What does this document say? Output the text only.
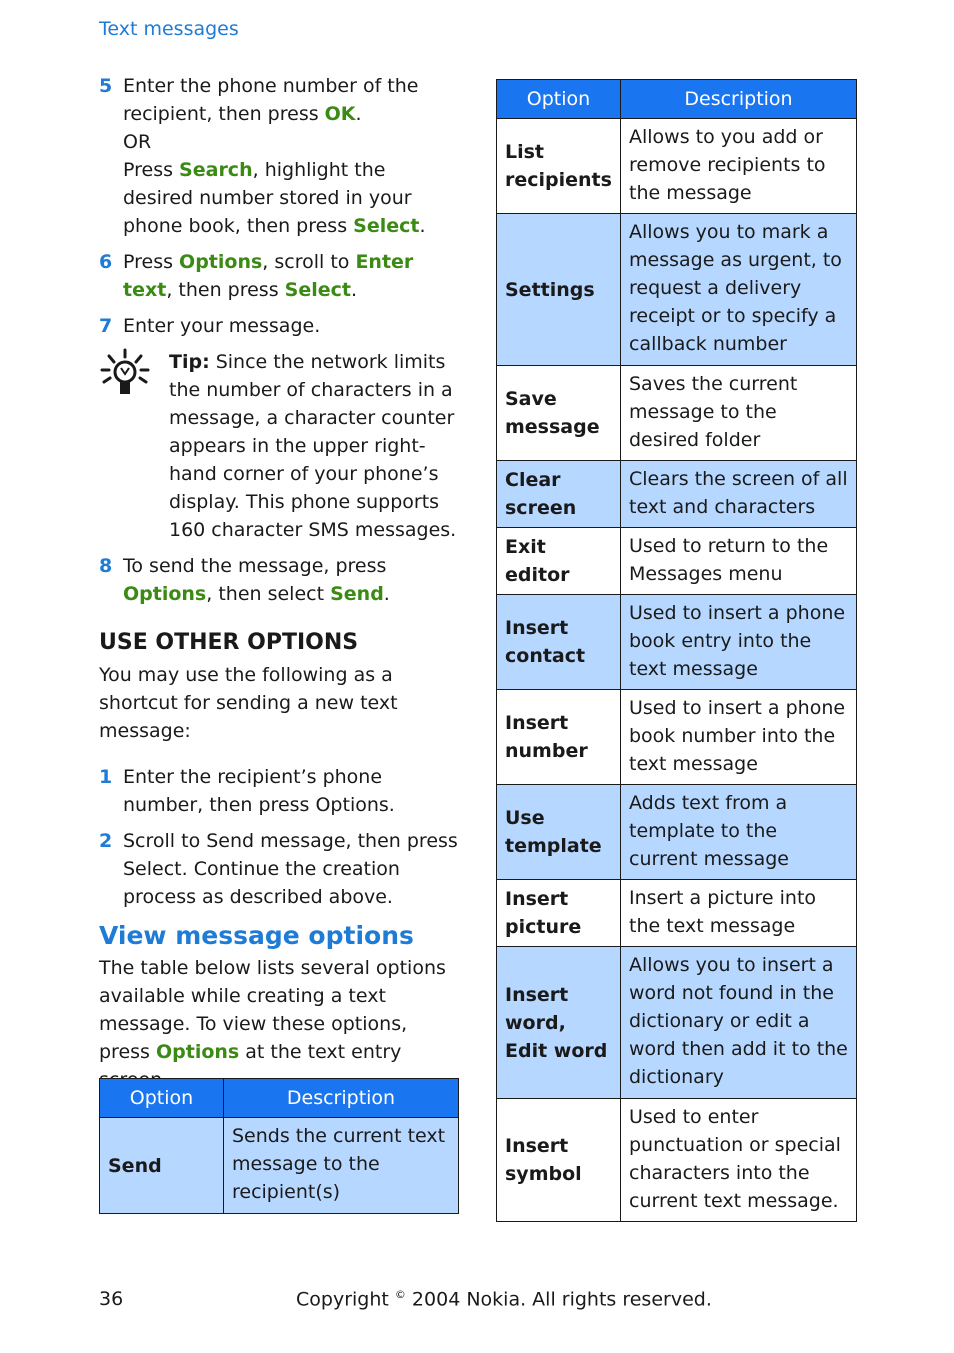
Text messages
5 Enter the phone number of the recipient, then press OK.
OR
Press Search, highlight the desired number stored in your phone book, then press Select.
6 Press Options, scroll to Enter text, then press Select.
7 Enter your message.
Tip: Since the network limits the number of characters in a message, a character counter appears in the upper right-hand corner of your phone’s display. This phone supports 160 character SMS messages.
8 To send the message, press Options, then select Send.
USE OTHER OPTIONS
You may use the following as a shortcut for sending a new text message:
1 Enter the recipient’s phone number, then press Options.
2 Scroll to Send message, then press Select. Continue the creation process as described above.
View message options
The table below lists several options available while creating a text message. To view these options, press Options at the text entry
Option	Description
Send	Sends the current text message to the recipient(s)
Option	Description
List recipients	Allows to you add or remove recipients to the message
Settings	Allows you to mark a message as urgent, to request a delivery receipt or to specify a callback number
Save message	Saves the current message to the desired folder
Clear screen	Clears the screen of all text and characters
Exit editor	Used to return to the Messages menu
Insert contact	Used to insert a phone book entry into the text message
Insert number	Used to insert a phone book number into the text message
Use template	Adds text from a template to the current message
Insert picture	Insert a picture into the text message
Insert word, Edit word	Allows you to insert a word not found in the dictionary or edit a word then add it to the dictionary
Insert symbol	Used to enter punctuation or special characters into the current text message.
36	Copyright © 2004 Nokia. All rights reserved.
